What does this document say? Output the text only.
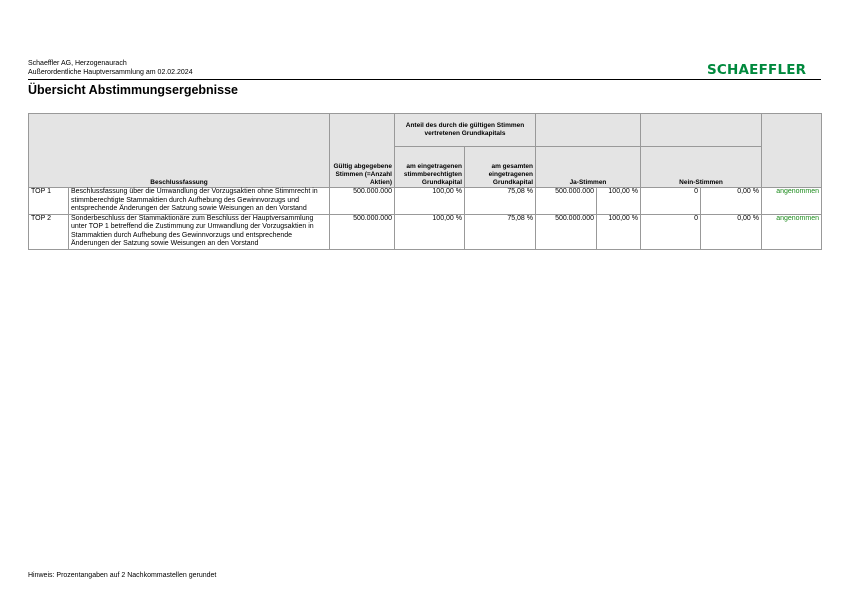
Schaeffler AG, Herzogenaurach
Außerordentliche Hauptversammlung am 02.02.2024	SCHAEFFLER
Übersicht Abstimmungsergebnisse
Beschlussfassung		Gültig abgegebene Stimmen (=Anzahl Aktien)	Anteil des durch die gültigen Stimmen vertretenen Grundkapitals						
			am eingetragenen stimmberechtigten Grundkapital	am gesamten eingetragenen Grundkapital	Ja-Stimmen		Nein-Stimmen		
TOP 1	Beschlussfassung über die Umwandlung der Vorzugsaktien ohne Stimmrecht in stimmberechtigte Stammaktien durch Aufhebung des Gewinnvorzugs und entsprechende Änderungen der Satzung sowie Weisungen an den Vorstand	500.000.000	100,00 %	75,08 %	500.000.000	100,00 %	0	0,00 %	angenommen
TOP 2	Sonderbeschluss der Stammaktionäre zum Beschluss der Hauptversammlung unter TOP 1 betreffend die Zustimmung zur Umwandlung der Vorzugsaktien in Stammaktien durch Aufhebung des Gewinnvorzugs und entsprechende Änderungen der Satzung sowie Weisungen an den Vorstand	500.000.000	100,00 %	75,08 %	500.000.000	100,00 %	0	0,00 %	angenommen
Hinweis: Prozentangaben auf 2 Nachkommastellen gerundet
